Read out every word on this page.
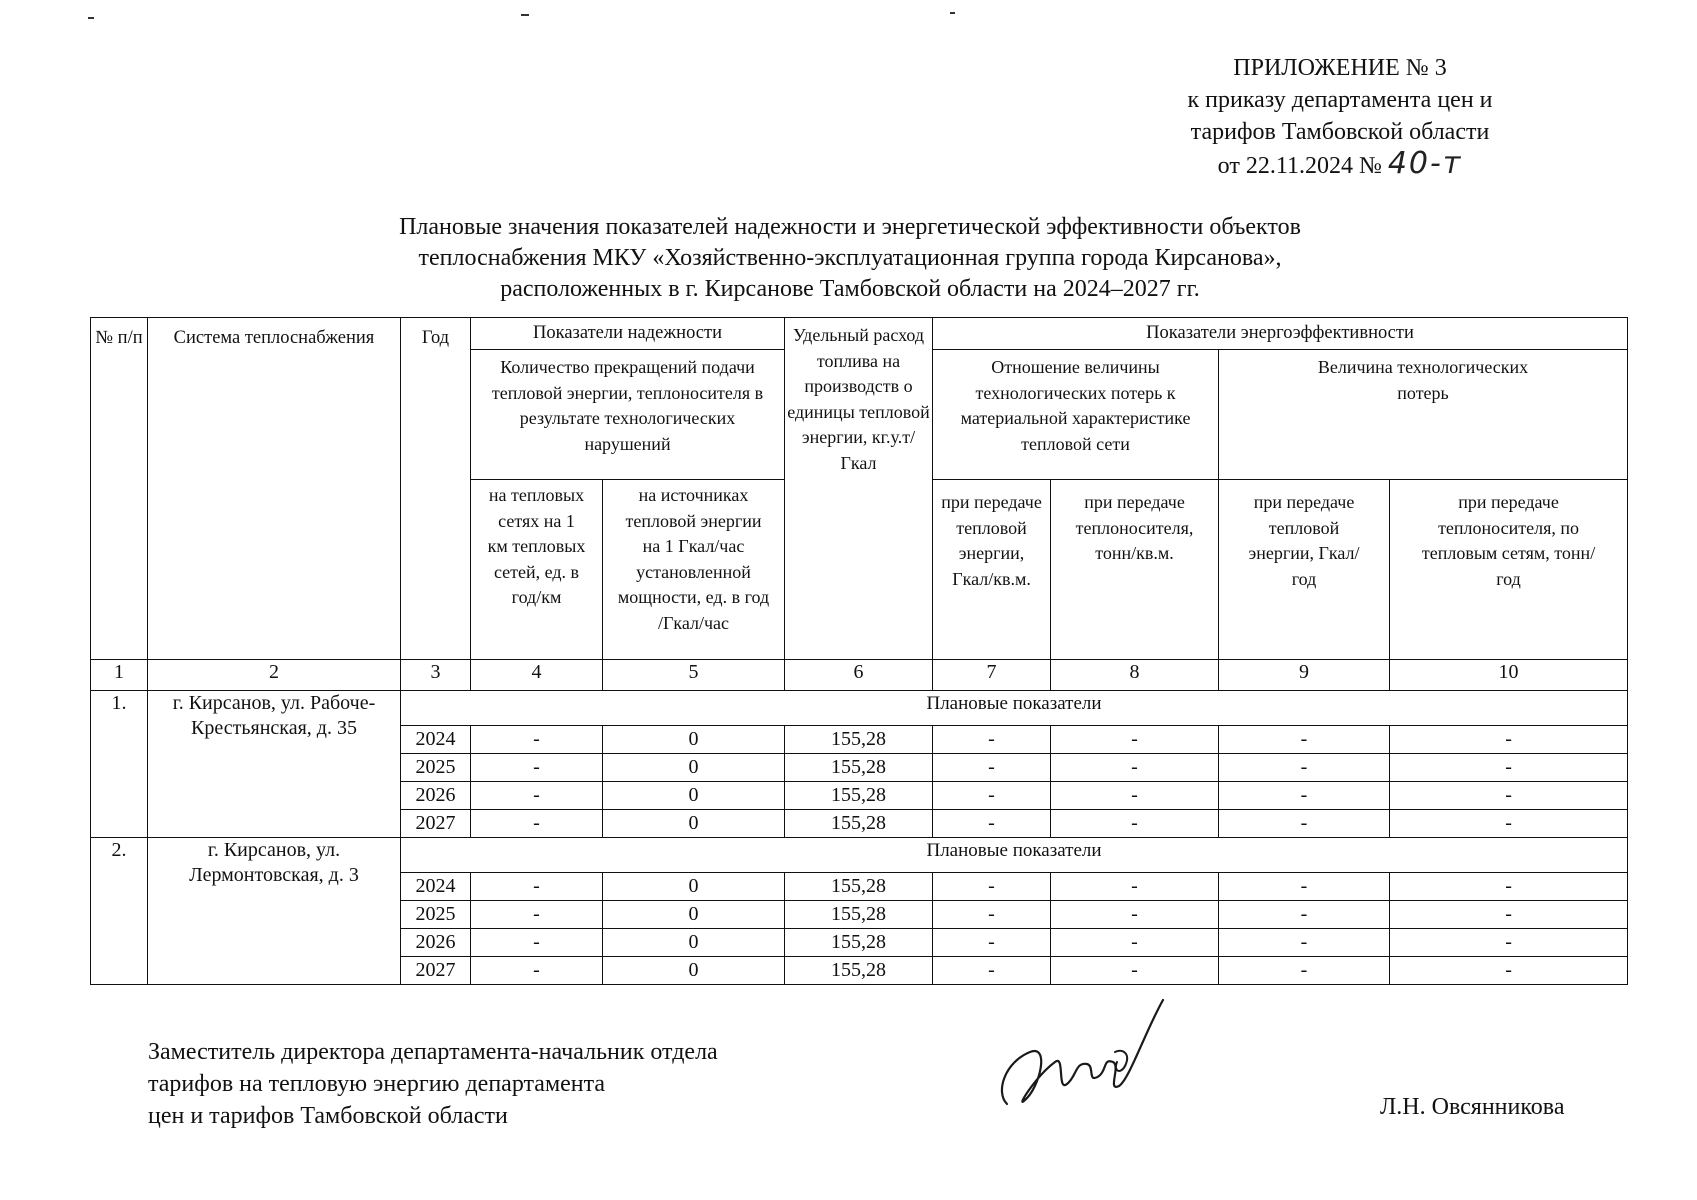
ПРИЛОЖЕНИЕ № 3
к приказу департамента цен и
тарифов Тамбовской области
от 22.11.2024 № 40-т
Плановые значения показателей надежности и энергетической эффективности объектов
теплоснабжения МКУ «Хозяйственно-эксплуатационная группа города Кирсанова»,
расположенных в г. Кирсанове Тамбовской области на 2024–2027 гг.
№ п/п	Система теплоснабжения	Год	Показатели надежности		Удельный расход топлива на производств о единицы тепловой энергии, кг.у.т/Гкал	Показатели энергоэффективности			
			Количество прекращений подачи тепловой энергии, теплоносителя в результате технологических нарушений			Отношение величины технологических потерь к материальной характеристике тепловой сети		Величина технологических потерь	
			на тепловых сетях на 1 км тепловых сетей, ед. в год/км	на источниках тепловой энергии на 1 Гкал/час установленной мощности, ед. в год /Гкал/час		при передаче тепловой энергии, Гкал/кв.м.	при передаче теплоносителя, тонн/кв.м.	при передаче тепловой энергии, Гкал/год	при передаче теплоносителя, по тепловым сетям, тонн/год
1	2	3	4	5	6	7	8	9	10
1.	г. Кирсанов, ул. Рабоче-Крестьянская, д. 35	Плановые показатели							
		2024	-	0	155,28	-	-	-	-
		2025	-	0	155,28	-	-	-	-
		2026	-	0	155,28	-	-	-	-
		2027	-	0	155,28	-	-	-	-
2.	г. Кирсанов, ул. Лермонтовская, д. 3	Плановые показатели							
		2024	-	0	155,28	-	-	-	-
		2025	-	0	155,28	-	-	-	-
		2026	-	0	155,28	-	-	-	-
		2027	-	0	155,28	-	-	-	-
Заместитель директора департамента-начальник отдела
тарифов на тепловую энергию департамента
цен и тарифов Тамбовской области	Л.Н. Овсянникова
